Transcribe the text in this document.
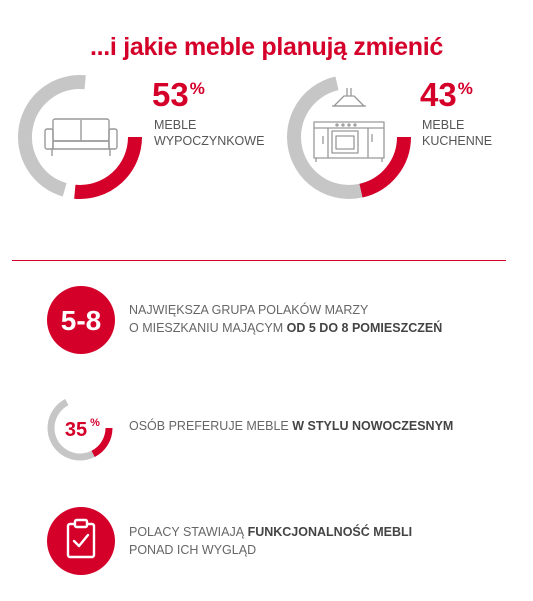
...i jakie meble planują zmienić
53%
MEBLE
WYPOCZYNKOWE
43%
MEBLE
KUCHENNE
5-8 NAJWIĘKSZA GRUPA POLAKÓW MARZY
O MIESZKANIU MAJĄCYM OD 5 DO 8 POMIESZCZEŃ
35 % OSÓB PREFERUJE MEBLE W STYLU NOWOCZESNYM
POLACY STAWIAJĄ FUNKCJONALNOŚĆ MEBLI
PONAD ICH WYGLĄD
